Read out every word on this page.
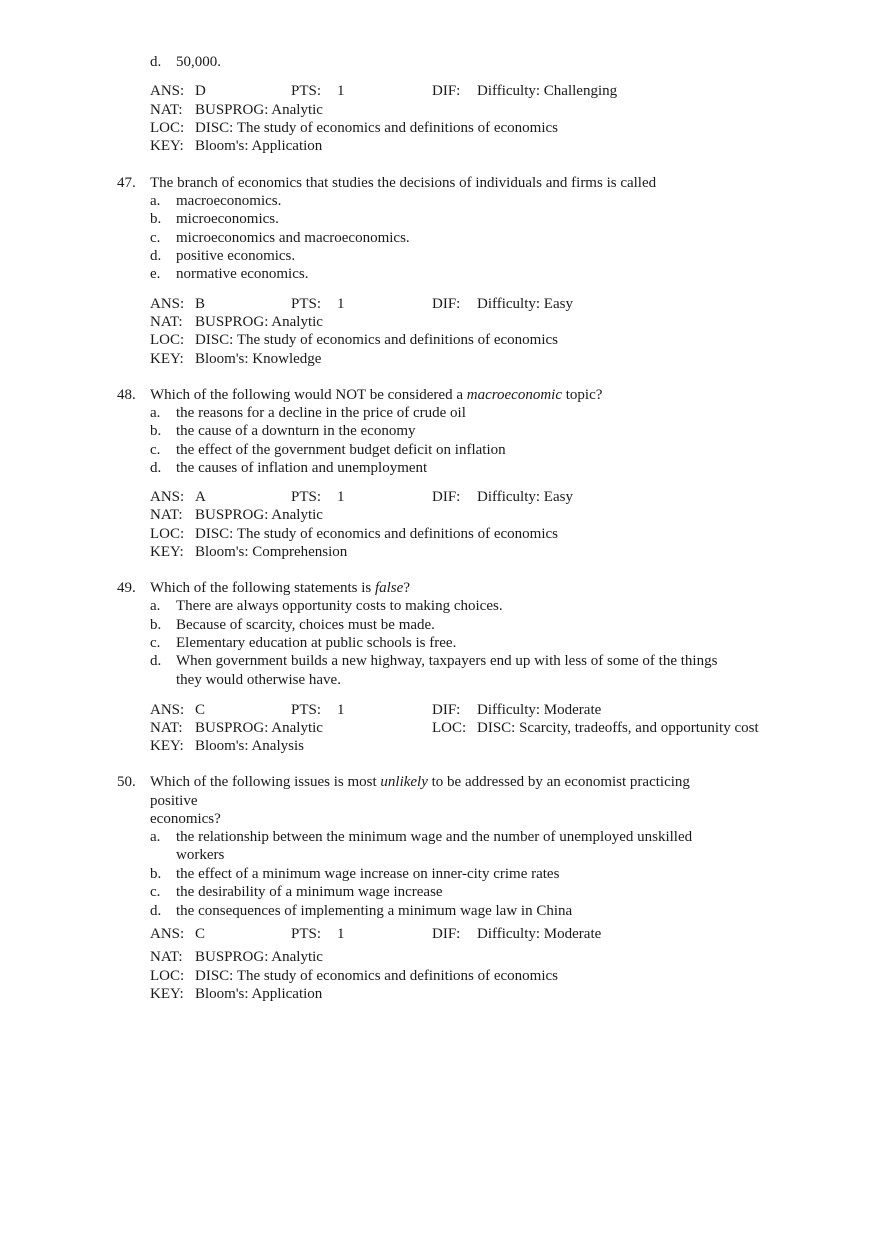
d. 50,000.
ANS: D	PTS: 1	DIF: Difficulty: Challenging
NAT: BUSPROG: Analytic
LOC: DISC: The study of economics and definitions of economics
KEY: Bloom's: Application
47. The branch of economics that studies the decisions of individuals and firms is called
a. macroeconomics.
b. microeconomics.
c. microeconomics and macroeconomics.
d. positive economics.
e. normative economics.
ANS: B	PTS: 1	DIF: Difficulty: Easy
NAT: BUSPROG: Analytic
LOC: DISC: The study of economics and definitions of economics
KEY: Bloom's: Knowledge
48. Which of the following would NOT be considered a macroeconomic topic?
a. the reasons for a decline in the price of crude oil
b. the cause of a downturn in the economy
c. the effect of the government budget deficit on inflation
d. the causes of inflation and unemployment
ANS: A	PTS: 1	DIF: Difficulty: Easy
NAT: BUSPROG: Analytic
LOC: DISC: The study of economics and definitions of economics
KEY: Bloom's: Comprehension
49. Which of the following statements is false?
a. There are always opportunity costs to making choices.
b. Because of scarcity, choices must be made.
c. Elementary education at public schools is free.
d. When government builds a new highway, taxpayers end up with less of some of the things
they would otherwise have.
ANS: C	PTS: 1	DIF: Difficulty: Moderate
NAT: BUSPROG: Analytic	LOC: DISC: Scarcity, tradeoffs, and opportunity cost
KEY: Bloom's: Analysis
50. Which of the following issues is most unlikely to be addressed by an economist practicing
positive
economics?
a. the relationship between the minimum wage and the number of unemployed unskilled
workers
b. the effect of a minimum wage increase on inner-city crime rates
c. the desirability of a minimum wage increase
d. the consequences of implementing a minimum wage law in China
ANS: C	PTS: 1	DIF: Difficulty: Moderate
NAT: BUSPROG: Analytic
LOC: DISC: The study of economics and definitions of economics
KEY: Bloom's: Application
